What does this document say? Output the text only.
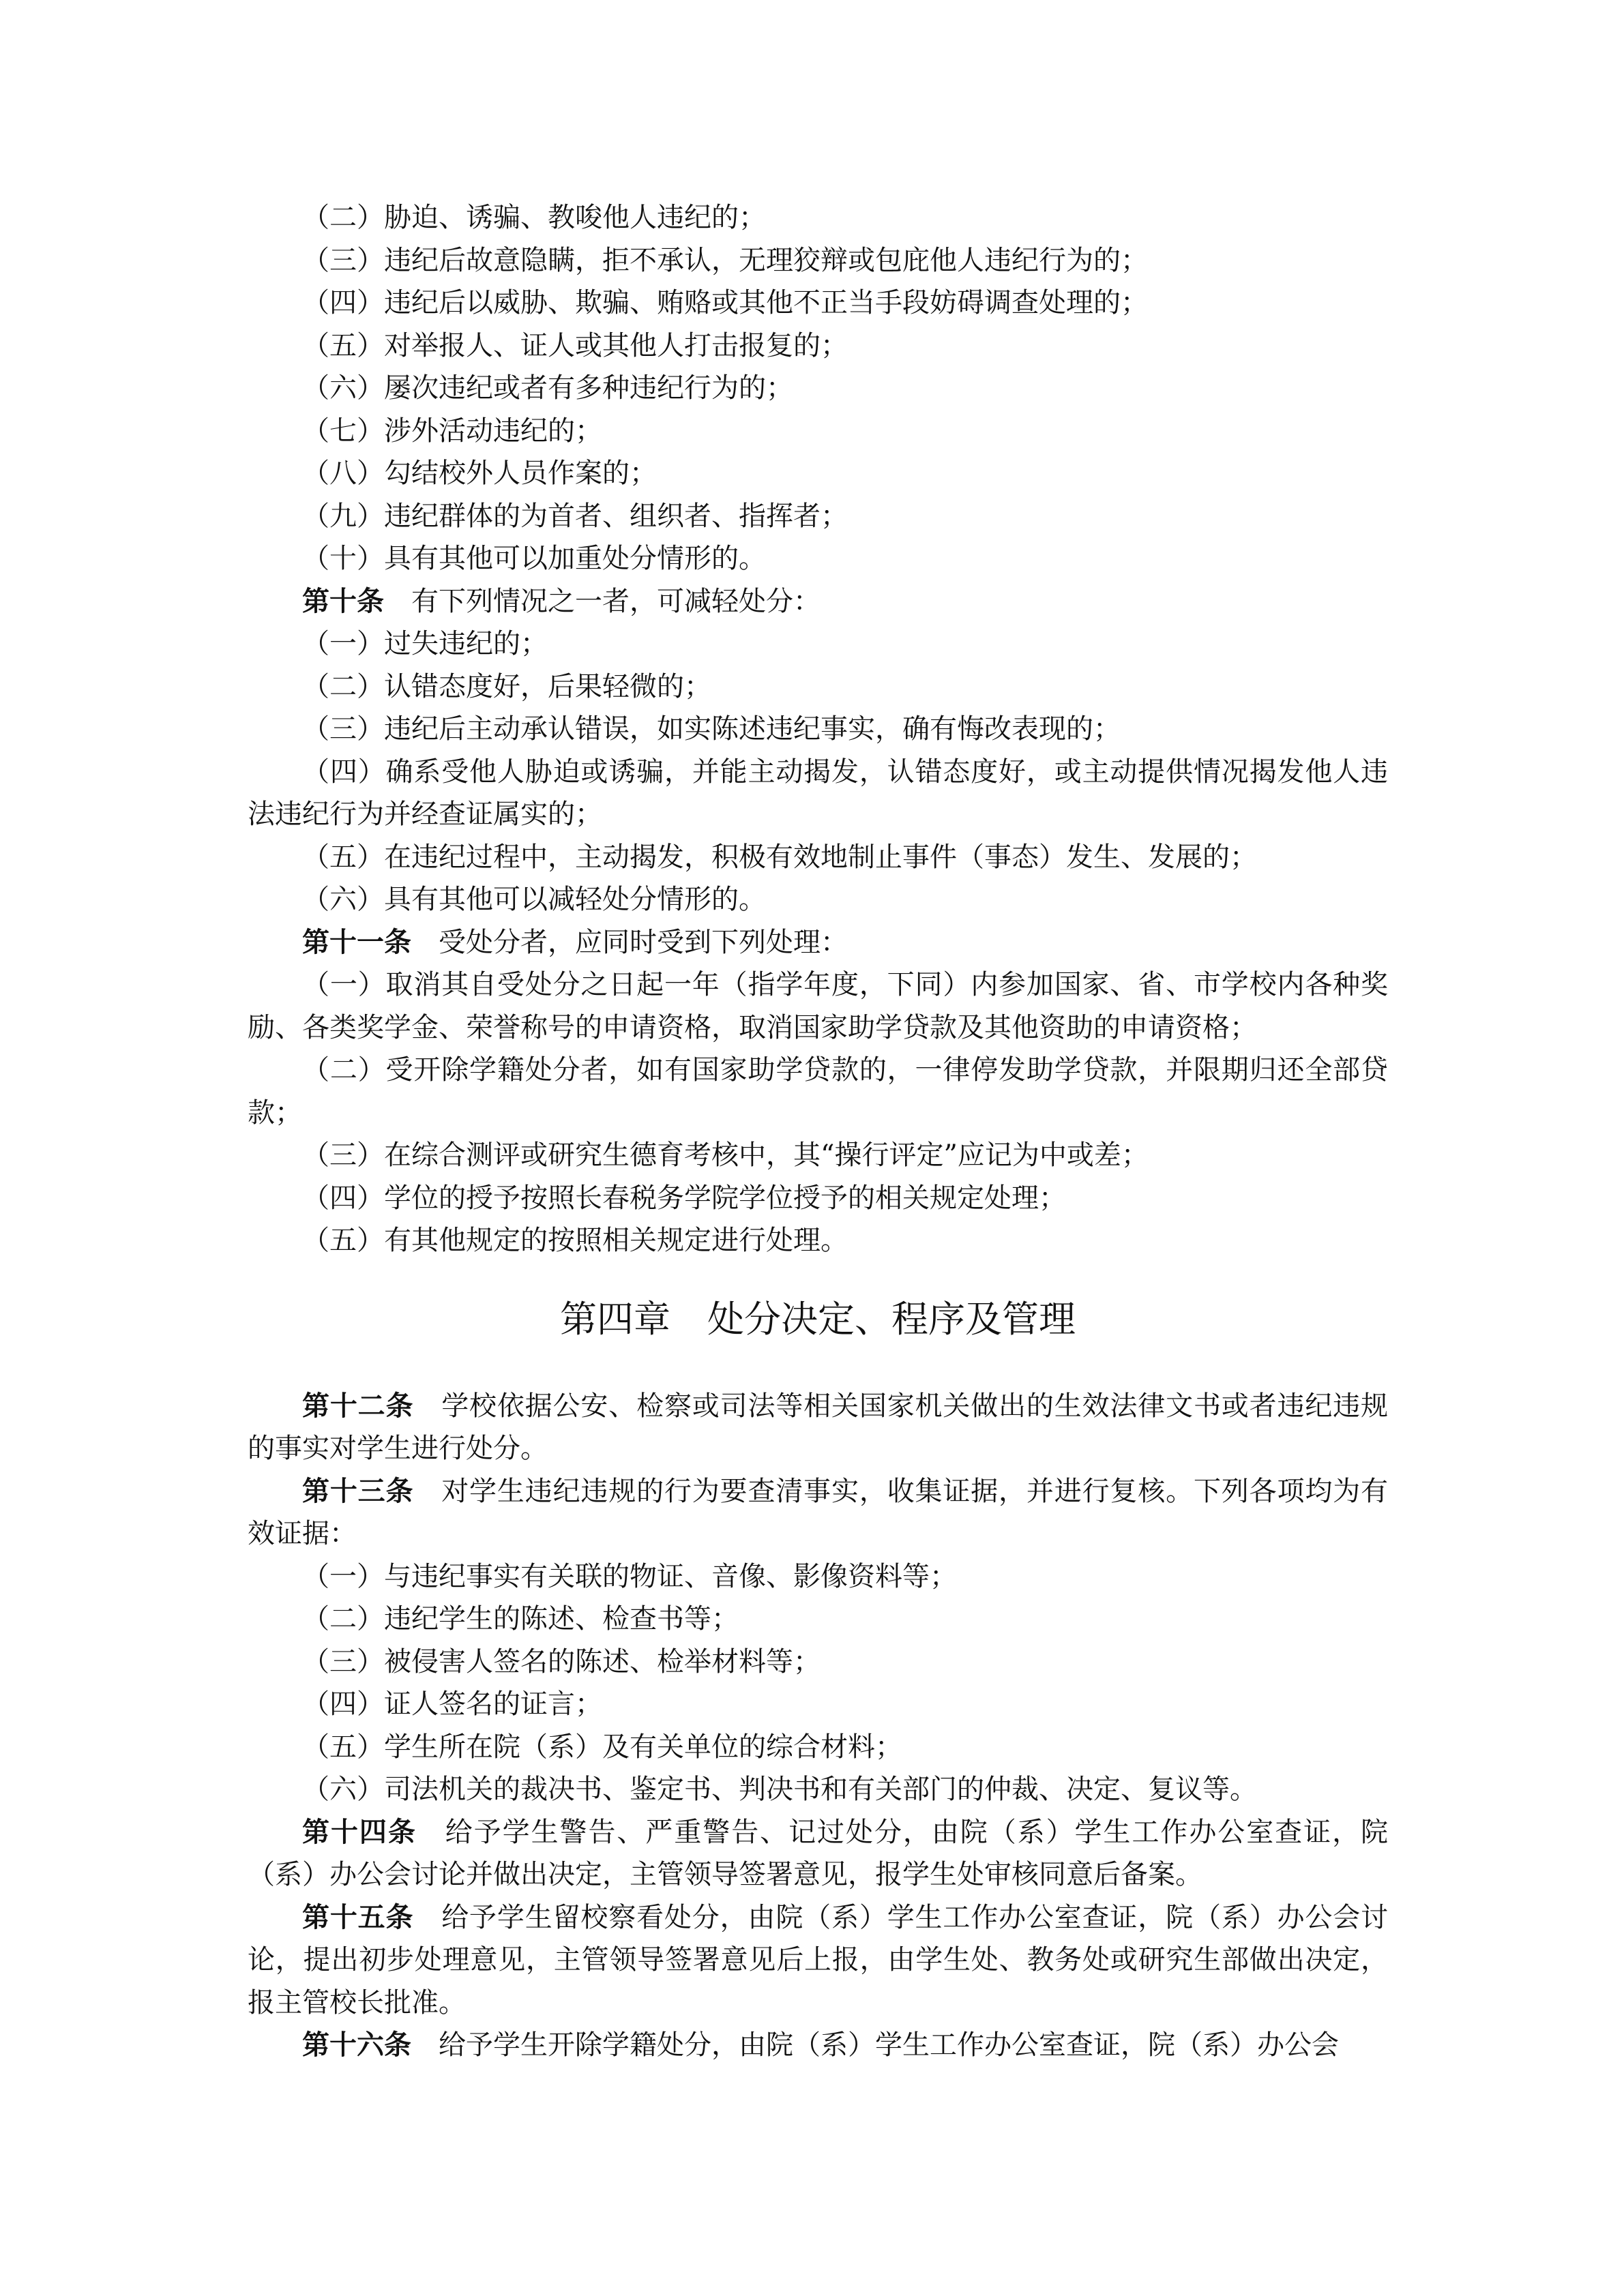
（二）胁迫、诱骗、教唆他人违纪的；

（三）违纪后故意隐瞒，拒不承认，无理狡辩或包庇他人违纪行为的；

（四）违纪后以威胁、欺骗、贿赂或其他不正当手段妨碍调查处理的；

（五）对举报人、证人或其他人打击报复的；

（六）屡次违纪或者有多种违纪行为的；

（七）涉外活动违纪的；

（八）勾结校外人员作案的；

（九）违纪群体的为首者、组织者、指挥者；

（十）具有其他可以加重处分情形的。

第十条 有下列情况之一者，可减轻处分：

（一）过失违纪的；

（二）认错态度好，后果轻微的；

（三）违纪后主动承认错误，如实陈述违纪事实，确有悔改表现的；

（四）确系受他人胁迫或诱骗，并能主动揭发，认错态度好，或主动提供情况揭发他人违法违纪行为并经查证属实的；

（五）在违纪过程中，主动揭发，积极有效地制止事件（事态）发生、发展的；

（六）具有其他可以减轻处分情形的。

第十一条 受处分者，应同时受到下列处理：

（一）取消其自受处分之日起一年（指学年度，下同）内参加国家、省、市学校内各种奖励、各类奖学金、荣誉称号的申请资格，取消国家助学贷款及其他资助的申请资格；

（二）受开除学籍处分者，如有国家助学贷款的，一律停发助学贷款，并限期归还全部贷款；

（三）在综合测评或研究生德育考核中，其“操行评定”应记为中或差；

（四）学位的授予按照长春税务学院学位授予的相关规定处理；

（五）有其他规定的按照相关规定进行处理。

第四章 处分决定、程序及管理

第十二条 学校依据公安、检察或司法等相关国家机关做出的生效法律文书或者违纪违规的事实对学生进行处分。

第十三条 对学生违纪违规的行为要查清事实，收集证据，并进行复核。下列各项均为有效证据：

（一）与违纪事实有关联的物证、音像、影像资料等；

（二）违纪学生的陈述、检查书等；

（三）被侵害人签名的陈述、检举材料等；

（四）证人签名的证言；

（五）学生所在院（系）及有关单位的综合材料；

（六）司法机关的裁决书、鉴定书、判决书和有关部门的仲裁、决定、复议等。

第十四条 给予学生警告、严重警告、记过处分，由院（系）学生工作办公室查证，院（系）办公会讨论并做出决定，主管领导签署意见，报学生处审核同意后备案。

第十五条 给予学生留校察看处分，由院（系）学生工作办公室查证，院（系）办公会讨论，提出初步处理意见，主管领导签署意见后上报，由学生处、教务处或研究生部做出决定，报主管校长批准。

第十六条 给予学生开除学籍处分，由院（系）学生工作办公室查证，院（系）办公会
